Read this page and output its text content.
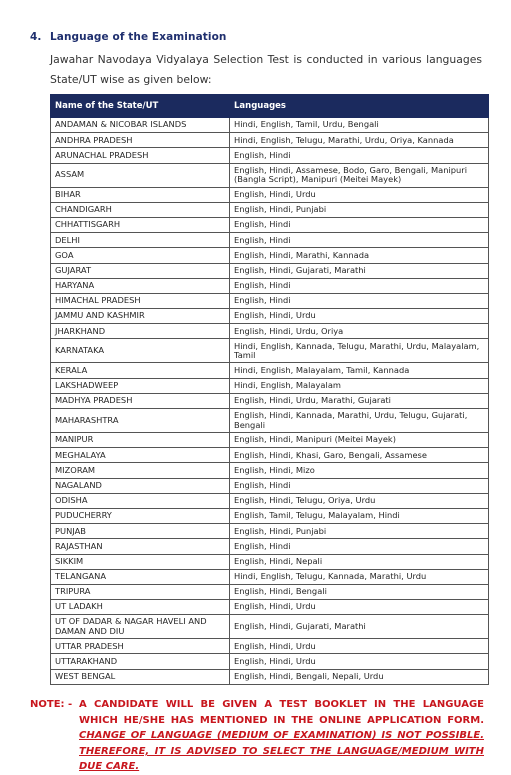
4. Language of the Examination
Jawahar Navodaya Vidyalaya Selection Test is conducted in various languages State/UT wise as given below:
Name of the State/UT	Languages
ANDAMAN & NICOBAR ISLANDS	Hindi, English, Tamil, Urdu, Bengali
ANDHRA PRADESH	Hindi, English, Telugu, Marathi, Urdu, Oriya, Kannada
ARUNACHAL PRADESH	English, Hindi
ASSAM	English, Hindi, Assamese, Bodo, Garo, Bengali, Manipuri (Bangla Script), Manipuri (Meitei Mayek)
BIHAR	English, Hindi, Urdu
CHANDIGARH	English, Hindi, Punjabi
CHHATTISGARH	English, Hindi
DELHI	English, Hindi
GOA	English, Hindi, Marathi, Kannada
GUJARAT	English, Hindi, Gujarati, Marathi
HARYANA	English, Hindi
HIMACHAL PRADESH	English, Hindi
JAMMU AND KASHMIR	English, Hindi, Urdu
JHARKHAND	English, Hindi, Urdu, Oriya
KARNATAKA	Hindi, English, Kannada, Telugu, Marathi, Urdu, Malayalam, Tamil
KERALA	Hindi, English, Malayalam, Tamil, Kannada
LAKSHADWEEP	Hindi, English, Malayalam
MADHYA PRADESH	English, Hindi, Urdu, Marathi, Gujarati
MAHARASHTRA	English, Hindi, Kannada, Marathi, Urdu, Telugu, Gujarati, Bengali
MANIPUR	English, Hindi, Manipuri (Meitei Mayek)
MEGHALAYA	English, Hindi, Khasi, Garo, Bengali, Assamese
MIZORAM	English, Hindi, Mizo
NAGALAND	English, Hindi
ODISHA	English, Hindi, Telugu, Oriya, Urdu
PUDUCHERRY	English, Tamil, Telugu, Malayalam, Hindi
PUNJAB	English, Hindi, Punjabi
RAJASTHAN	English, Hindi
SIKKIM	English, Hindi, Nepali
TELANGANA	Hindi, English, Telugu, Kannada, Marathi, Urdu
TRIPURA	English, Hindi, Bengali
UT LADAKH	English, Hindi, Urdu
UT OF DADAR & NAGAR HAVELI AND DAMAN AND DIU	English, Hindi, Gujarati, Marathi
UTTAR PRADESH	English, Hindi, Urdu
UTTARAKHAND	English, Hindi, Urdu
WEST BENGAL	English, Hindi, Bengali, Nepali, Urdu
NOTE: - A CANDIDATE WILL BE GIVEN A TEST BOOKLET IN THE LANGUAGE WHICH HE/SHE HAS MENTIONED IN THE ONLINE APPLICATION FORM. CHANGE OF LANGUAGE (MEDIUM OF EXAMINATION) IS NOT POSSIBLE. THEREFORE, IT IS ADVISED TO SELECT THE LANGUAGE/MEDIUM WITH DUE CARE.
